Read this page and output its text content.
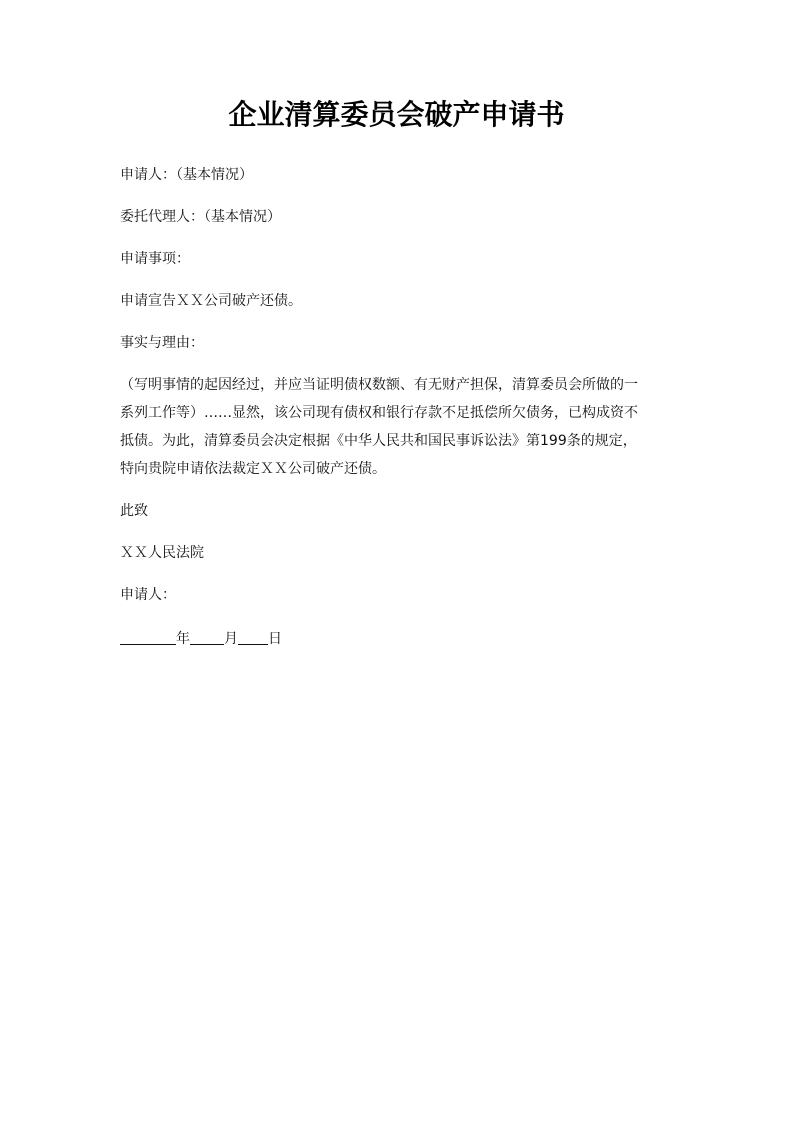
企业清算委员会破产申请书
申请人：（基本情况）
委托代理人：（基本情况）
申请事项：
申请宣告ＸＸ公司破产还债。
事实与理由：
（写明事情的起因经过，并应当证明债权数额、有无财产担保，清算委员会所做的一
系列工作等）……显然，该公司现有债权和银行存款不足抵偿所欠债务，已构成资不
抵债。为此，清算委员会决定根据《中华人民共和国民事诉讼法》第199条的规定，
特向贵院申请依法裁定ＸＸ公司破产还债。
此致
ＸＸ人民法院
申请人：
年 月 日
